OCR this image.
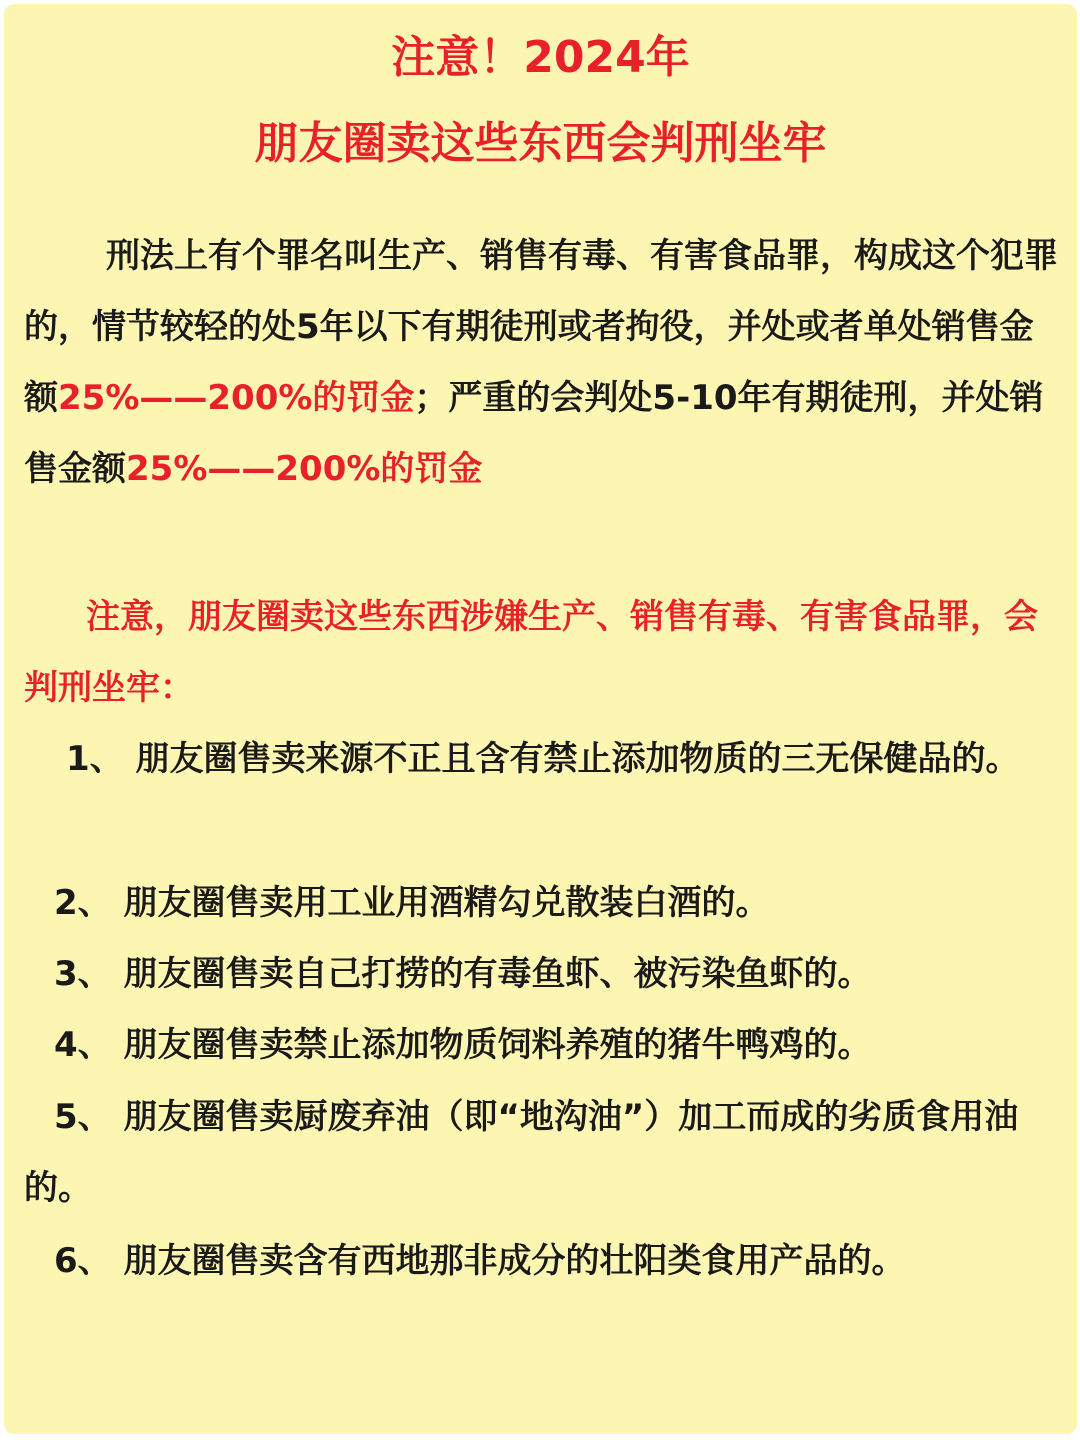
注意！2024年
朋友圈卖这些东西会判刑坐牢

刑法上有个罪名叫生产、销售有毒、有害食品罪，构成这个犯罪的，情节较轻的处5年以下有期徒刑或者拘役，并处或者单处销售金额25%——200%的罚金；严重的会判处5-10年有期徒刑，并处销售金额25%——200%的罚金

注意，朋友圈卖这些东西涉嫌生产、销售有毒、有害食品罪，会判刑坐牢：

1、 朋友圈售卖来源不正且含有禁止添加物质的三无保健品的。

2、 朋友圈售卖用工业用酒精勾兑散装白酒的。

3、 朋友圈售卖自己打捞的有毒鱼虾、被污染鱼虾的。

4、 朋友圈售卖禁止添加物质饲料养殖的猪牛鸭鸡的。

5、 朋友圈售卖厨废弃油（即“地沟油”）加工而成的劣质食用油的。

6、 朋友圈售卖含有西地那非成分的壮阳类食用产品的。
